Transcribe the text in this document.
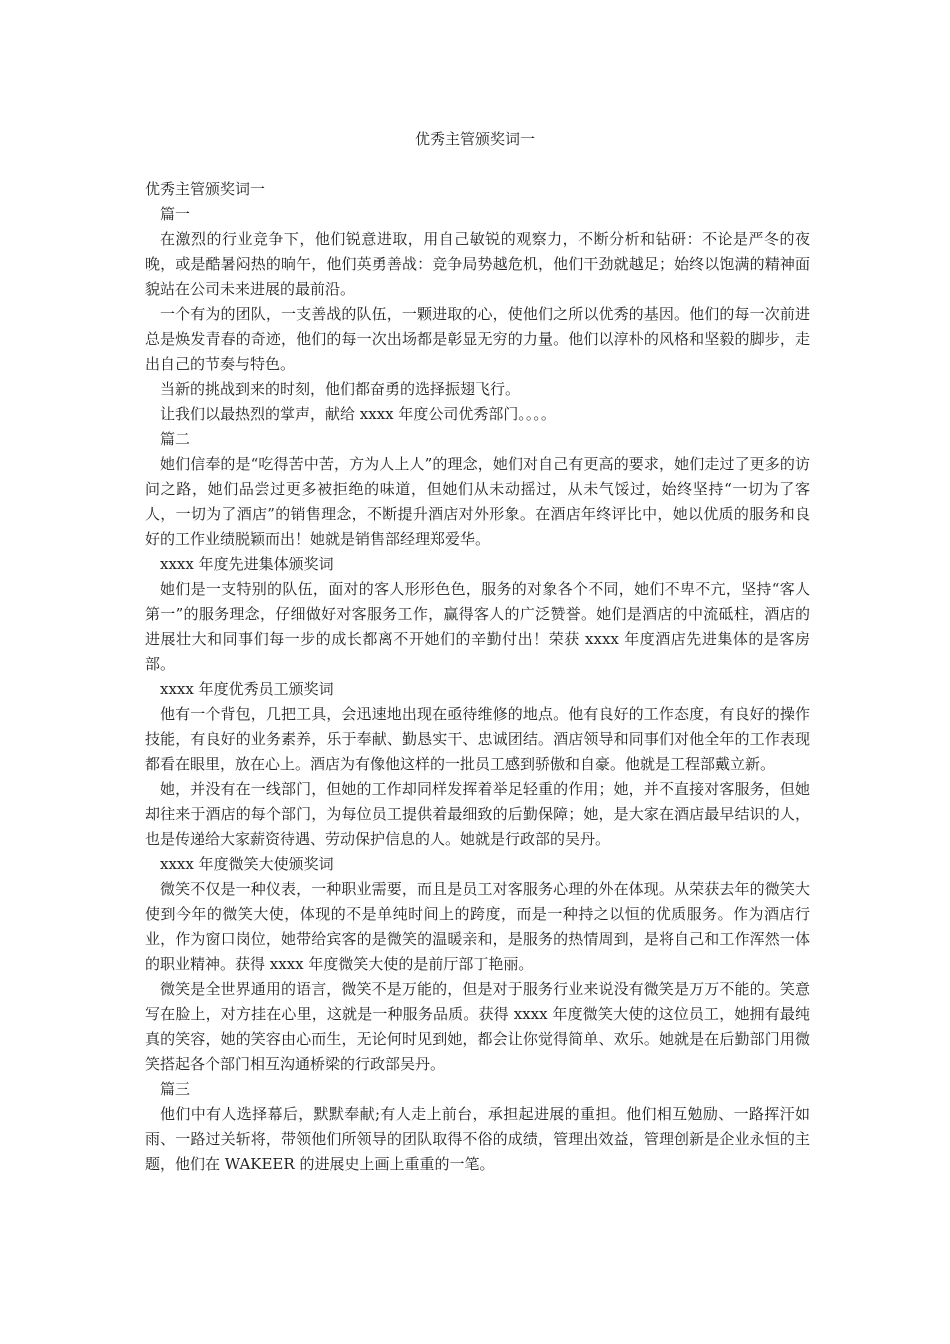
优秀主管颁奖词一

优秀主管颁奖词一

篇一

在激烈的行业竞争下，他们锐意进取，用自己敏锐的观察力，不断分析和钻研：不论是严冬的夜晚，或是酷暑闷热的晌午，他们英勇善战：竞争局势越危机，他们干劲就越足；始终以饱满的精神面貌站在公司未来进展的最前沿。

一个有为的团队，一支善战的队伍，一颗进取的心，使他们之所以优秀的基因。他们的每一次前进总是焕发青春的奇迹，他们的每一次出场都是彰显无穷的力量。他们以淳朴的风格和坚毅的脚步，走出自己的节奏与特色。

当新的挑战到来的时刻，他们都奋勇的选择振翅飞行。

让我们以最热烈的掌声，献给 xxxx 年度公司优秀部门。。。。

篇二

她们信奉的是“吃得苦中苦，方为人上人”的理念，她们对自己有更高的要求，她们走过了更多的访问之路，她们品尝过更多被拒绝的味道，但她们从未动摇过，从未气馁过，始终坚持“一切为了客人，一切为了酒店”的销售理念，不断提升酒店对外形象。在酒店年终评比中，她以优质的服务和良好的工作业绩脱颖而出！她就是销售部经理郑爱华。

xxxx 年度先进集体颁奖词

她们是一支特别的队伍，面对的客人形形色色，服务的对象各个不同，她们不卑不亢，坚持“客人第一”的服务理念，仔细做好对客服务工作，赢得客人的广泛赞誉。她们是酒店的中流砥柱，酒店的进展壮大和同事们每一步的成长都离不开她们的辛勤付出！荣获 xxxx 年度酒店先进集体的是客房部。

xxxx 年度优秀员工颁奖词

他有一个背包，几把工具，会迅速地出现在亟待维修的地点。他有良好的工作态度，有良好的操作技能，有良好的业务素养，乐于奉献、勤恳实干、忠诚团结。酒店领导和同事们对他全年的工作表现都看在眼里，放在心上。酒店为有像他这样的一批员工感到骄傲和自豪。他就是工程部戴立新。

她，并没有在一线部门，但她的工作却同样发挥着举足轻重的作用；她，并不直接对客服务，但她却往来于酒店的每个部门，为每位员工提供着最细致的后勤保障；她，是大家在酒店最早结识的人，也是传递给大家薪资待遇、劳动保护信息的人。她就是行政部的吴丹。

xxxx 年度微笑大使颁奖词

微笑不仅是一种仪表，一种职业需要，而且是员工对客服务心理的外在体现。从荣获去年的微笑大使到今年的微笑大使，体现的不是单纯时间上的跨度，而是一种持之以恒的优质服务。作为酒店行业，作为窗口岗位，她带给宾客的是微笑的温暖亲和，是服务的热情周到，是将自己和工作浑然一体的职业精神。获得 xxxx 年度微笑大使的是前厅部丁艳丽。

微笑是全世界通用的语言，微笑不是万能的，但是对于服务行业来说没有微笑是万万不能的。笑意写在脸上，对方挂在心里，这就是一种服务品质。获得 xxxx 年度微笑大使的这位员工，她拥有最纯真的笑容，她的笑容由心而生，无论何时见到她，都会让你觉得简单、欢乐。她就是在后勤部门用微笑搭起各个部门相互沟通桥梁的行政部吴丹。

篇三

他们中有人选择幕后，默默奉献;有人走上前台，承担起进展的重担。他们相互勉励、一路挥汗如雨、一路过关斩将，带领他们所领导的团队取得不俗的成绩，管理出效益，管理创新是企业永恒的主题，他们在 WAKEER 的进展史上画上重重的一笔。
